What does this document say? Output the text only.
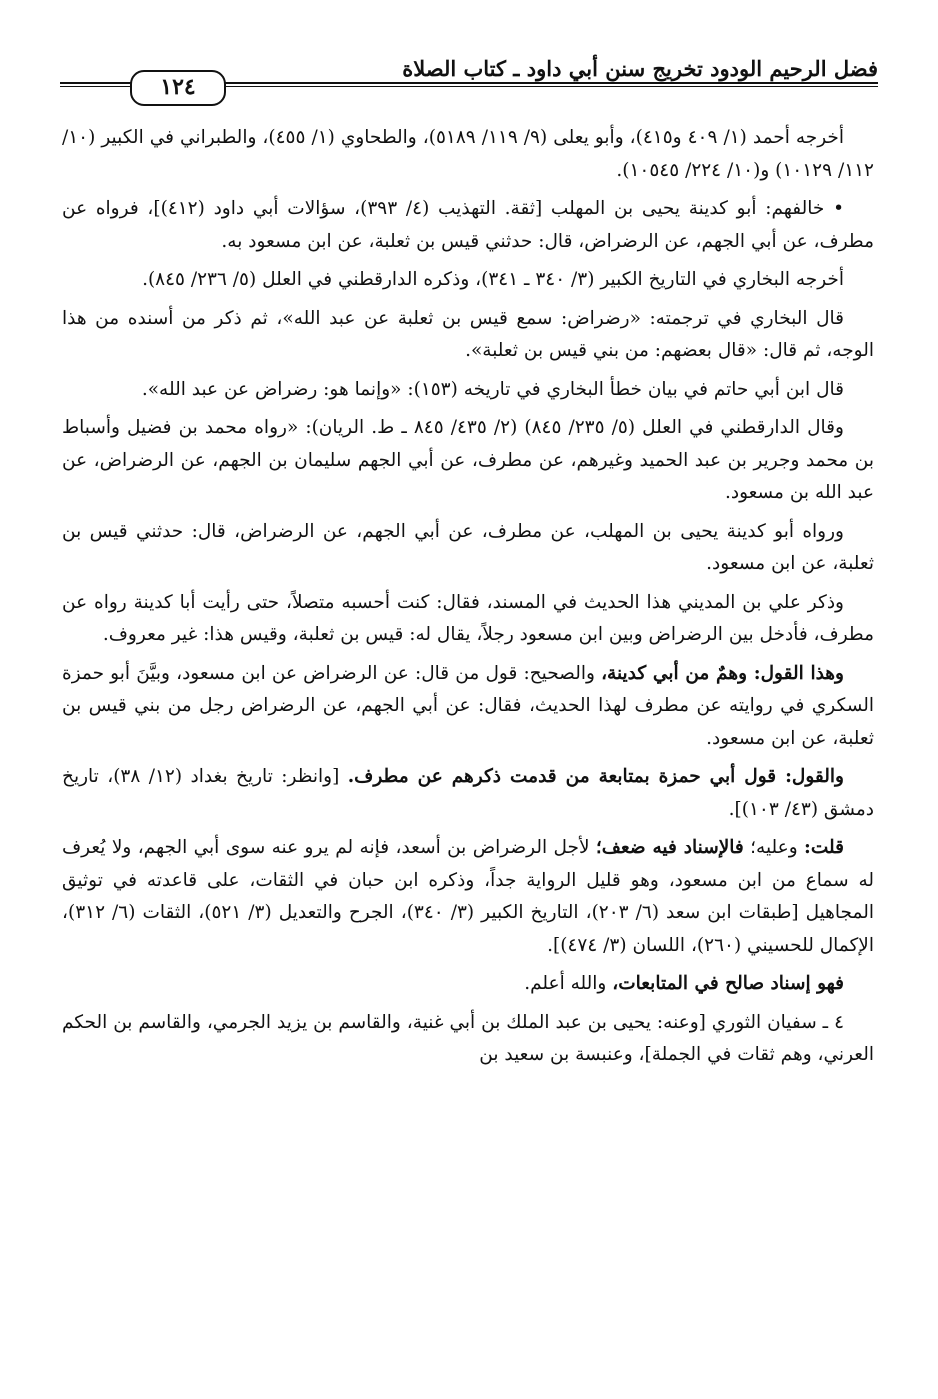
فضل الرحيم الودود تخريج سنن أبي داود ـ كتاب الصلاة
١٢٤

أخرجه أحمد (١/ ٤٠٩ و٤١٥)، وأبو يعلى (٩/ ١١٩/ ٥١٨٩)، والطحاوي (١/ ٤٥٥)، والطبراني في الكبير (١٠/ ١١٢/ ١٠١٢٩) و(١٠/ ٢٢٤/ ١٠٥٤٥).

• خالفهم: أبو كدينة يحيى بن المهلب [ثقة. التهذيب (٤/ ٣٩٣)، سؤالات أبي داود (٤١٢)]، فرواه عن مطرف، عن أبي الجهم، عن الرضراض، قال: حدثني قيس بن ثعلبة، عن ابن مسعود به.

أخرجه البخاري في التاريخ الكبير (٣/ ٣٤٠ ـ ٣٤١)، وذكره الدارقطني في العلل (٥/ ٢٣٦/ ٨٤٥).

قال البخاري في ترجمته: «رضراض: سمع قيس بن ثعلبة عن عبد الله»، ثم ذكر من أسنده من هذا الوجه، ثم قال: «قال بعضهم: من بني قيس بن ثعلبة».

قال ابن أبي حاتم في بيان خطأ البخاري في تاريخه (١٥٣): «وإنما هو: رضراض عن عبد الله».

وقال الدارقطني في العلل (٥/ ٢٣٥/ ٨٤٥) (٢/ ٤٣٥/ ٨٤٥ ـ ط. الريان): «رواه محمد بن فضيل وأسباط بن محمد وجرير بن عبد الحميد وغيرهم، عن مطرف، عن أبي الجهم سليمان بن الجهم، عن الرضراض، عن عبد الله بن مسعود.

ورواه أبو كدينة يحيى بن المهلب، عن مطرف، عن أبي الجهم، عن الرضراض، قال: حدثني قيس بن ثعلبة، عن ابن مسعود.

وذكر علي بن المديني هذا الحديث في المسند، فقال: كنت أحسبه متصلاً، حتى رأيت أبا كدينة رواه عن مطرف، فأدخل بين الرضراض وبين ابن مسعود رجلاً، يقال له: قيس بن ثعلبة، وقيس هذا: غير معروف.

وهذا القول: وهمٌ من أبي كدينة، والصحيح: قول من قال: عن الرضراض عن ابن مسعود، وبيَّنَ أبو حمزة السكري في روايته عن مطرف لهذا الحديث، فقال: عن أبي الجهم، عن الرضراض رجل من بني قيس بن ثعلبة، عن ابن مسعود.

والقول: قول أبي حمزة بمتابعة من قدمت ذكرهم عن مطرف. [وانظر: تاريخ بغداد (١٢/ ٣٨)، تاريخ دمشق (٤٣/ ١٠٣)].

قلت: وعليه؛ فالإسناد فيه ضعف؛ لأجل الرضراض بن أسعد، فإنه لم يرو عنه سوى أبي الجهم، ولا يُعرف له سماع من ابن مسعود، وهو قليل الرواية جداً، وذكره ابن حبان في الثقات، على قاعدته في توثيق المجاهيل [طبقات ابن سعد (٦/ ٢٠٣)، التاريخ الكبير (٣/ ٣٤٠)، الجرح والتعديل (٣/ ٥٢١)، الثقات (٦/ ٣١٢)، الإكمال للحسيني (٢٦٠)، اللسان (٣/ ٤٧٤)].

فهو إسناد صالح في المتابعات، والله أعلم.

٤ ـ سفيان الثوري [وعنه: يحيى بن عبد الملك بن أبي غنية، والقاسم بن يزيد الجرمي، والقاسم بن الحكم العرني، وهم ثقات في الجملة]، وعنبسة بن سعيد بن
